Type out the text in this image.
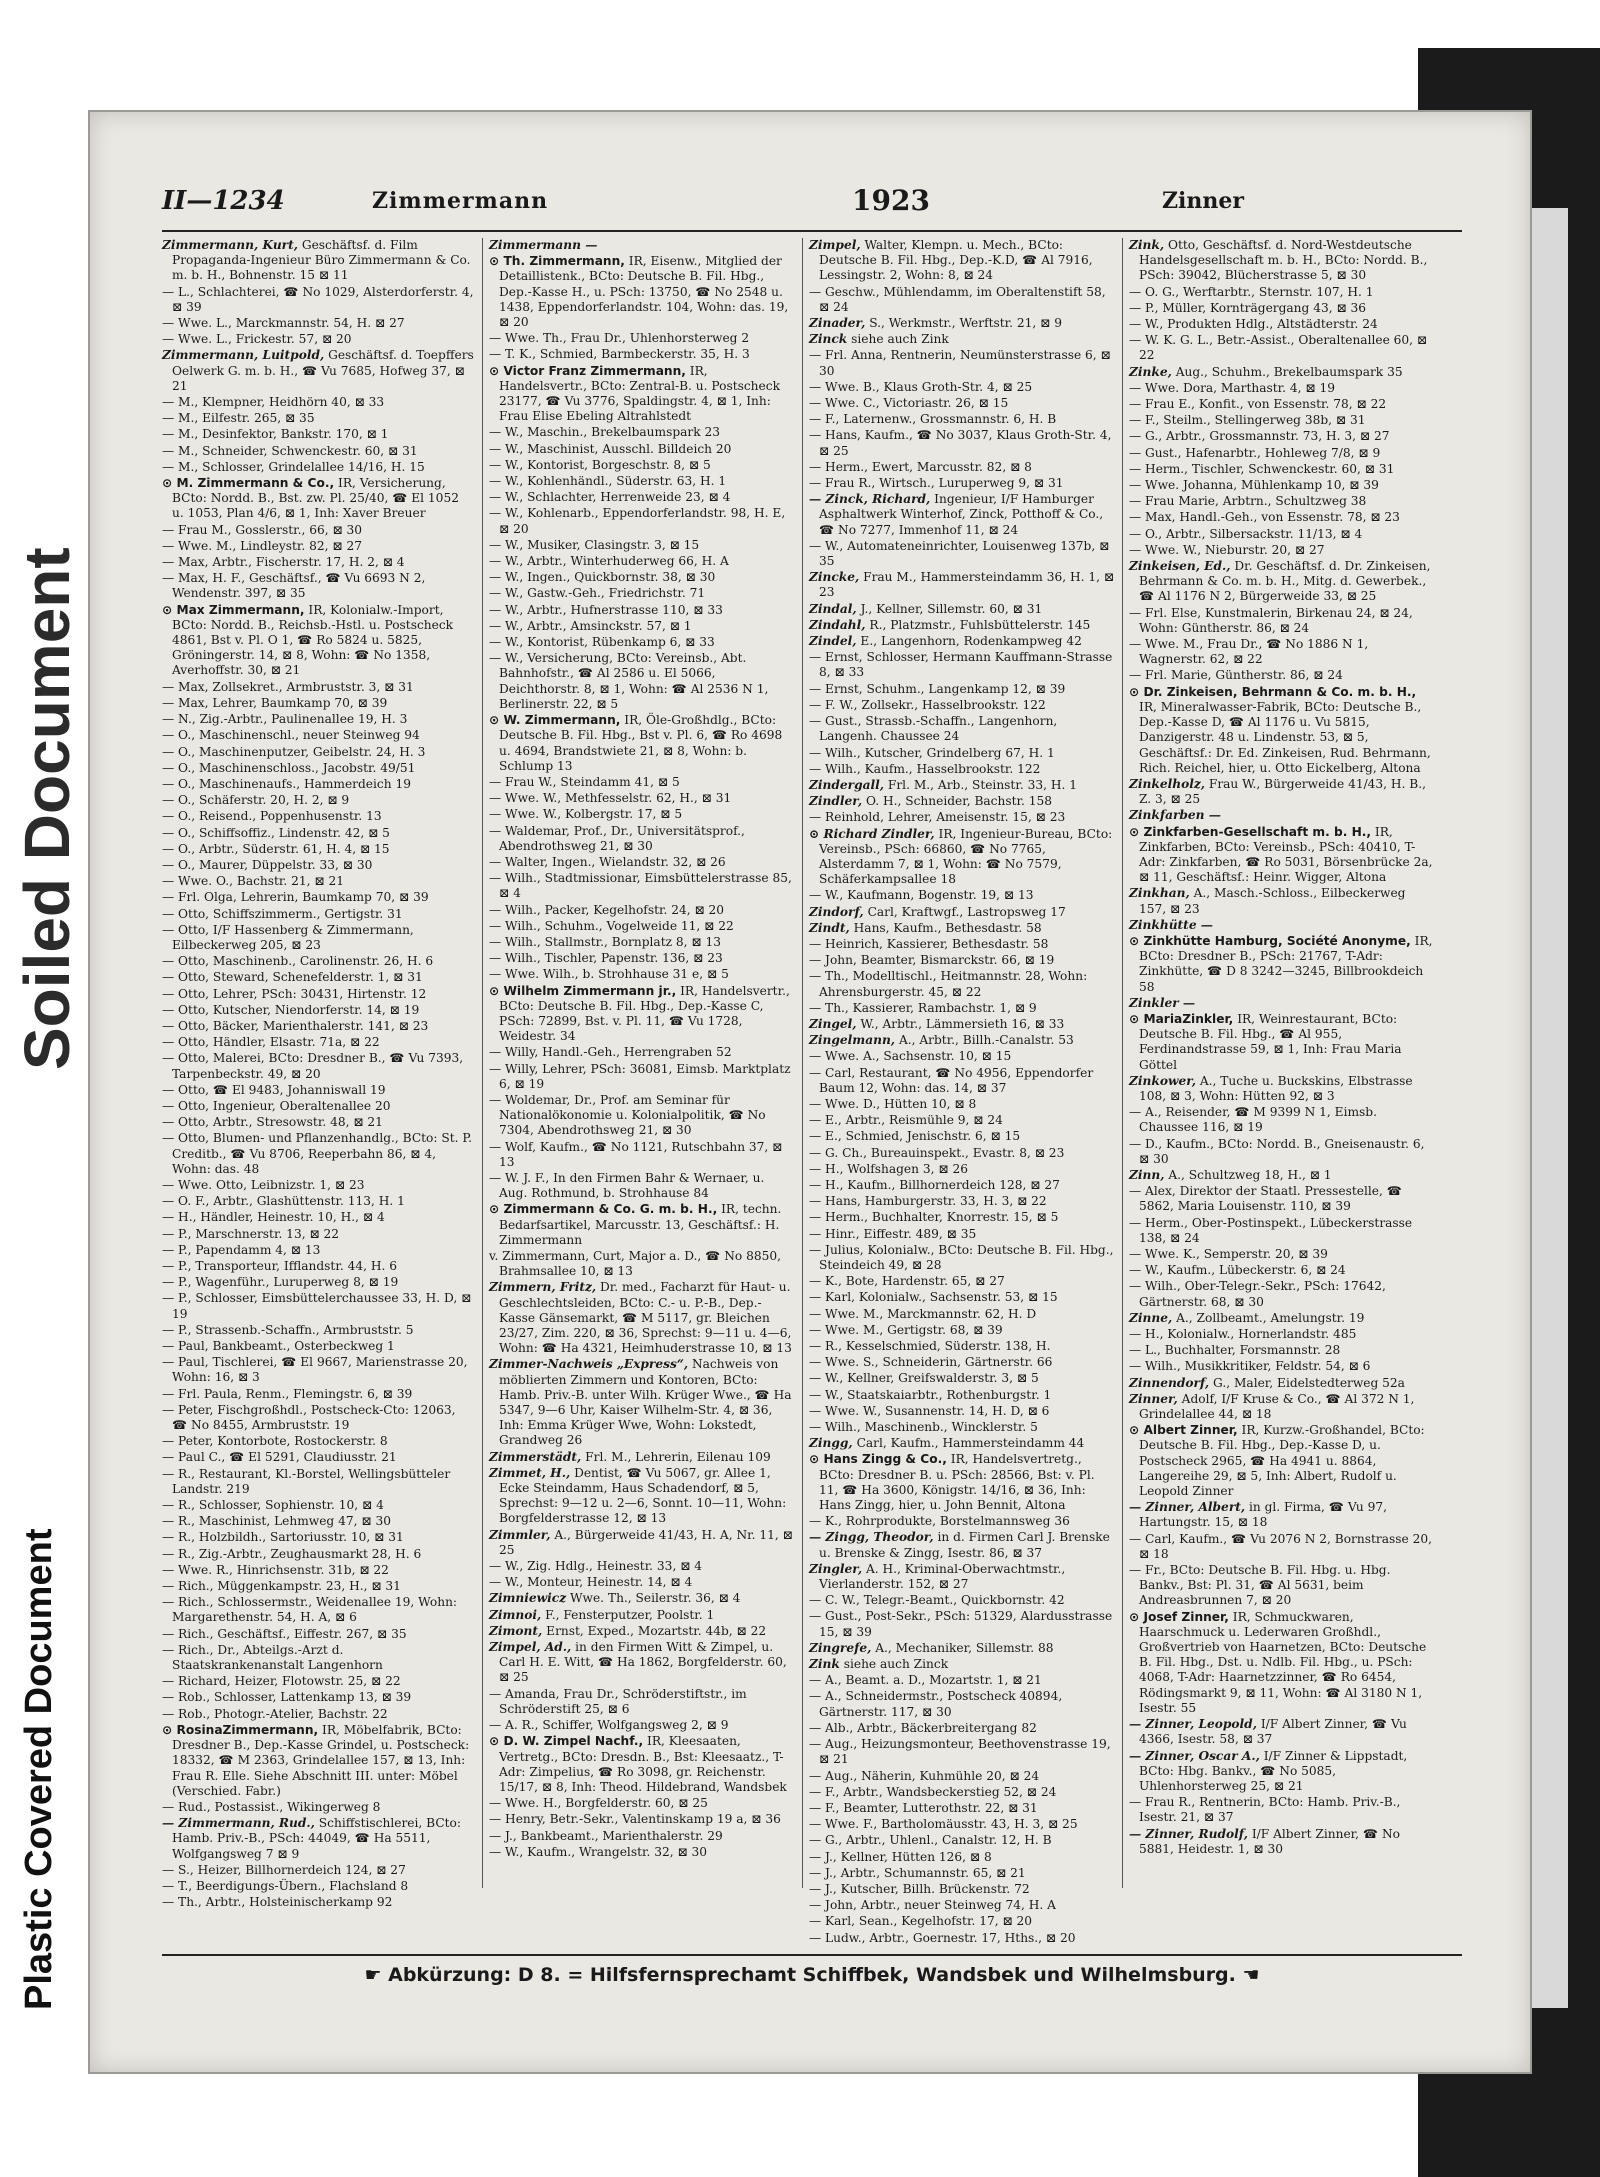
Plastic Covered Document
Soiled Document
II—1234	Zimmermann	1923	Zinner
Zimmermann, Kurt, Geschäftsf. d. Film Propaganda-Ingenieur Büro Zimmermann & Co. m. b. H., Bohnenstr. 15 ⊠ 11
— L., Schlachterei, ☎ No 1029, Alsterdorferstr. 4, ⊠ 39
— Wwe. L., Marckmannstr. 54, H. ⊠ 27
— Wwe. L., Frickestr. 57, ⊠ 20
Zimmermann, Luitpold, Geschäftsf. d. Toepffers Oelwerk G. m. b. H., ☎ Vu 7685, Hofweg 37, ⊠ 21
— M., Klempner, Heidhörn 40, ⊠ 33
— M., Eilfestr. 265, ⊠ 35
— M., Desinfektor, Bankstr. 170, ⊠ 1
— M., Schneider, Schwenckestr. 60, ⊠ 31
— M., Schlosser, Grindelallee 14/16, H. 15
⊙ M. Zimmermann & Co., IR, Versicherung, BCto: Nordd. B., Bst. zw. Pl. 25/40, ☎ El 1052 u. 1053, Plan 4/6, ⊠ 1, Inh: Xaver Breuer
— Frau M., Gosslerstr., 66, ⊠ 30
— Wwe. M., Lindleystr. 82, ⊠ 27
— Max, Arbtr., Fischerstr. 17, H. 2, ⊠ 4
— Max, H. F., Geschäftsf., ☎ Vu 6693 N 2, Wendenstr. 397, ⊠ 35
⊙ Max Zimmermann, IR, Kolonialw.-Import, BCto: Nordd. B., Reichsb.-Hstl. u. Postscheck 4861, Bst v. Pl. O 1, ☎ Ro 5824 u. 5825, Gröningerstr. 14, ⊠ 8, Wohn: ☎ No 1358, Averhoffstr. 30, ⊠ 21
— Max, Zollsekret., Armbruststr. 3, ⊠ 31
— Max, Lehrer, Baumkamp 70, ⊠ 39
— N., Zig.-Arbtr., Paulinenallee 19, H. 3
— O., Maschinenschl., neuer Steinweg 94
— O., Maschinenputzer, Geibelstr. 24, H. 3
— O., Maschinenschloss., Jacobstr. 49/51
— O., Maschinenaufs., Hammerdeich 19
— O., Schäferstr. 20, H. 2, ⊠ 9
— O., Reisend., Poppenhusenstr. 13
— O., Schiffsoffiz., Lindenstr. 42, ⊠ 5
— O., Arbtr., Süderstr. 61, H. 4, ⊠ 15
— O., Maurer, Düppelstr. 33, ⊠ 30
— Wwe. O., Bachstr. 21, ⊠ 21
— Frl. Olga, Lehrerin, Baumkamp 70, ⊠ 39
— Otto, Schiffszimmerm., Gertigstr. 31
— Otto, I/F Hassenberg & Zimmermann, Eilbeckerweg 205, ⊠ 23
— Otto, Maschinenb., Carolinenstr. 26, H. 6
— Otto, Steward, Schenefelderstr. 1, ⊠ 31
— Otto, Lehrer, PSch: 30431, Hirtenstr. 12
— Otto, Kutscher, Niendorferstr. 14, ⊠ 19
— Otto, Bäcker, Marienthalerstr. 141, ⊠ 23
— Otto, Händler, Elsastr. 71a, ⊠ 22
— Otto, Malerei, BCto: Dresdner B., ☎ Vu 7393, Tarpenbeckstr. 49, ⊠ 20
— Otto, ☎ El 9483, Johanniswall 19
— Otto, Ingenieur, Oberaltenallee 20
— Otto, Arbtr., Stresowstr. 48, ⊠ 21
— Otto, Blumen- und Pflanzenhandlg., BCto: St. P. Creditb., ☎ Vu 8706, Reeperbahn 86, ⊠ 4, Wohn: das. 48
— Wwe. Otto, Leibnizstr. 1, ⊠ 23
— O. F., Arbtr., Glashüttenstr. 113, H. 1
— H., Händler, Heinestr. 10, H., ⊠ 4
— P., Marschnerstr. 13, ⊠ 22
— P., Papendamm 4, ⊠ 13
— P., Transporteur, Ifflandstr. 44, H. 6
— P., Wagenführ., Luruperweg 8, ⊠ 19
— P., Schlosser, Eimsbüttelerchaussee 33, H. D, ⊠ 19
— P., Strassenb.-Schaffn., Armbruststr. 5
— Paul, Bankbeamt., Osterbeckweg 1
— Paul, Tischlerei, ☎ El 9667, Marienstrasse 20, Wohn: 16, ⊠ 3
— Frl. Paula, Renm., Flemingstr. 6, ⊠ 39
— Peter, Fischgroßhdl., Postscheck-Cto: 12063, ☎ No 8455, Armbruststr. 19
— Peter, Kontorbote, Rostockerstr. 8
— Paul C., ☎ El 5291, Claudiusstr. 21
— R., Restaurant, Kl.-Borstel, Wellingsbütteler Landstr. 219
— R., Schlosser, Sophienstr. 10, ⊠ 4
— R., Maschinist, Lehmweg 47, ⊠ 30
— R., Holzbildh., Sartoriusstr. 10, ⊠ 31
— R., Zig.-Arbtr., Zeughausmarkt 28, H. 6
— Wwe. R., Hinrichsenstr. 31b, ⊠ 22
— Rich., Müggenkampstr. 23, H., ⊠ 31
— Rich., Schlossermstr., Weidenallee 19, Wohn: Margarethenstr. 54, H. A, ⊠ 6
— Rich., Geschäftsf., Eiffestr. 267, ⊠ 35
— Rich., Dr., Abteilgs.-Arzt d. Staatskrankenanstalt Langenhorn
— Richard, Heizer, Flotowstr. 25, ⊠ 22
— Rob., Schlosser, Lattenkamp 13, ⊠ 39
— Rob., Photogr.-Atelier, Bachstr. 22
⊙ RosinaZimmermann, IR, Möbelfabrik, BCto: Dresdner B., Dep.-Kasse Grindel, u. Postscheck: 18332, ☎ M 2363, Grindelallee 157, ⊠ 13, Inh: Frau R. Elle. Siehe Abschnitt III. unter: Möbel (Verschied. Fabr.)
— Rud., Postassist., Wikingerweg 8
— Zimmermann, Rud., Schiffstischlerei, BCto: Hamb. Priv.-B., PSch: 44049, ☎ Ha 5511, Wolfgangsweg 7 ⊠ 9
— S., Heizer, Billhornerdeich 124, ⊠ 27
— T., Beerdigungs-Übern., Flachsland 8
— Th., Arbtr., Holsteinischerkamp 92
Zimmermann —
⊙ Th. Zimmermann, IR, Eisenw., Mitglied der Detaillistenk., BCto: Deutsche B. Fil. Hbg., Dep.-Kasse H., u. PSch: 13750, ☎ No 2548 u. 1438, Eppendorferlandstr. 104, Wohn: das. 19, ⊠ 20
— Wwe. Th., Frau Dr., Uhlenhorsterweg 2
— T. K., Schmied, Barmbeckerstr. 35, H. 3
⊙ Victor Franz Zimmermann, IR, Handelsvertr., BCto: Zentral-B. u. Postscheck 23177, ☎ Vu 3776, Spaldingstr. 4, ⊠ 1, Inh: Frau Elise Ebeling Altrahlstedt
— W., Maschin., Brekelbaumspark 23
— W., Maschinist, Ausschl. Billdeich 20
— W., Kontorist, Borgeschstr. 8, ⊠ 5
— W., Kohlenhändl., Süderstr. 63, H. 1
— W., Schlachter, Herrenweide 23, ⊠ 4
— W., Kohlenarb., Eppendorferlandstr. 98, H. E, ⊠ 20
— W., Musiker, Clasingstr. 3, ⊠ 15
— W., Arbtr., Winterhuderweg 66, H. A
— W., Ingen., Quickbornstr. 38, ⊠ 30
— W., Gastw.-Geh., Friedrichstr. 71
— W., Arbtr., Hufnerstrasse 110, ⊠ 33
— W., Arbtr., Amsinckstr. 57, ⊠ 1
— W., Kontorist, Rübenkamp 6, ⊠ 33
— W., Versicherung, BCto: Vereinsb., Abt. Bahnhofstr., ☎ Al 2586 u. El 5066, Deichthorstr. 8, ⊠ 1, Wohn: ☎ Al 2536 N 1, Berlinerstr. 22, ⊠ 5
⊙ W. Zimmermann, IR, Öle-Großhdlg., BCto: Deutsche B. Fil. Hbg., Bst v. Pl. 6, ☎ Ro 4698 u. 4694, Brandstwiete 21, ⊠ 8, Wohn: b. Schlump 13
— Frau W., Steindamm 41, ⊠ 5
— Wwe. W., Methfesselstr. 62, H., ⊠ 31
— Wwe. W., Kolbergstr. 17, ⊠ 5
— Waldemar, Prof., Dr., Universitätsprof., Abendrothsweg 21, ⊠ 30
— Walter, Ingen., Wielandstr. 32, ⊠ 26
— Wilh., Stadtmissionar, Eimsbüttelerstrasse 85, ⊠ 4
— Wilh., Packer, Kegelhofstr. 24, ⊠ 20
— Wilh., Schuhm., Vogelweide 11, ⊠ 22
— Wilh., Stallmstr., Bornplatz 8, ⊠ 13
— Wilh., Tischler, Papenstr. 136, ⊠ 23
— Wwe. Wilh., b. Strohhause 31 e, ⊠ 5
⊙ Wilhelm Zimmermann jr., IR, Handelsvertr., BCto: Deutsche B. Fil. Hbg., Dep.-Kasse C, PSch: 72899, Bst. v. Pl. 11, ☎ Vu 1728, Weidestr. 34
— Willy, Handl.-Geh., Herrengraben 52
— Willy, Lehrer, PSch: 36081, Eimsb. Marktplatz 6, ⊠ 19
— Woldemar, Dr., Prof. am Seminar für Nationalökonomie u. Kolonialpolitik, ☎ No 7304, Abendrothsweg 21, ⊠ 30
— Wolf, Kaufm., ☎ No 1121, Rutschbahn 37, ⊠ 13
— W. J. F., In den Firmen Bahr & Wernaer, u. Aug. Rothmund, b. Strohhause 84
⊙ Zimmermann & Co. G. m. b. H., IR, techn. Bedarfsartikel, Marcusstr. 13, Geschäftsf.: H. Zimmermann
v. Zimmermann, Curt, Major a. D., ☎ No 8850, Brahmsallee 10, ⊠ 13
Zimmern, Fritz, Dr. med., Facharzt für Haut- u. Geschlechtsleiden, BCto: C.- u. P.-B., Dep.-Kasse Gänsemarkt, ☎ M 5117, gr. Bleichen 23/27, Zim. 220, ⊠ 36, Sprechst: 9—11 u. 4—6, Wohn: ☎ Ha 4321, Heimhuderstrasse 10, ⊠ 13
Zimmer-Nachweis „Express“, Nachweis von möblierten Zimmern und Kontoren, BCto: Hamb. Priv.-B. unter Wilh. Krüger Wwe., ☎ Ha 5347, 9—6 Uhr, Kaiser Wilhelm-Str. 4, ⊠ 36, Inh: Emma Krüger Wwe, Wohn: Lokstedt, Grandweg 26
Zimmerstädt, Frl. M., Lehrerin, Eilenau 109
Zimmet, H., Dentist, ☎ Vu 5067, gr. Allee 1, Ecke Steindamm, Haus Schadendorf, ⊠ 5, Sprechst: 9—12 u. 2—6, Sonnt. 10—11, Wohn: Borgfelderstrasse 12, ⊠ 13
Zimmler, A., Bürgerweide 41/43, H. A, Nr. 11, ⊠ 25
— W., Zig. Hdlg., Heinestr. 33, ⊠ 4
— W., Monteur, Heinestr. 14, ⊠ 4
Zimniewicz Wwe. Th., Seilerstr. 36, ⊠ 4
Zimnoi, F., Fensterputzer, Poolstr. 1
Zimont, Ernst, Exped., Mozartstr. 44b, ⊠ 22
Zimpel, Ad., in den Firmen Witt & Zimpel, u. Carl H. E. Witt, ☎ Ha 1862, Borgfelderstr. 60, ⊠ 25
— Amanda, Frau Dr., Schröderstiftstr., im Schröderstift 25, ⊠ 6
— A. R., Schiffer, Wolfgangsweg 2, ⊠ 9
⊙ D. W. Zimpel Nachf., IR, Kleesaaten, Vertretg., BCto: Dresdn. B., Bst: Kleesaatz., T-Adr: Zimpelius, ☎ Ro 3098, gr. Reichenstr. 15/17, ⊠ 8, Inh: Theod. Hildebrand, Wandsbek
— Wwe. H., Borgfelderstr. 60, ⊠ 25
— Henry, Betr.-Sekr., Valentinskamp 19 a, ⊠ 36
— J., Bankbeamt., Marienthalerstr. 29
— W., Kaufm., Wrangelstr. 32, ⊠ 30
Zimpel, Walter, Klempn. u. Mech., BCto: Deutsche B. Fil. Hbg., Dep.-K.D, ☎ Al 7916, Lessingstr. 2, Wohn: 8, ⊠ 24
— Geschw., Mühlendamm, im Oberaltenstift 58, ⊠ 24
Zinader, S., Werkmstr., Werftstr. 21, ⊠ 9
Zinck siehe auch Zink
— Frl. Anna, Rentnerin, Neumünsterstrasse 6, ⊠ 30
— Wwe. B., Klaus Groth-Str. 4, ⊠ 25
— Wwe. C., Victoriastr. 26, ⊠ 15
— F., Laternenw., Grossmannstr. 6, H. B
— Hans, Kaufm., ☎ No 3037, Klaus Groth-Str. 4, ⊠ 25
— Herm., Ewert, Marcusstr. 82, ⊠ 8
— Frau R., Wirtsch., Luruperweg 9, ⊠ 31
— Zinck, Richard, Ingenieur, I/F Hamburger Asphaltwerk Winterhof, Zinck, Potthoff & Co., ☎ No 7277, Immenhof 11, ⊠ 24
— W., Automateneinrichter, Louisenweg 137b, ⊠ 35
Zincke, Frau M., Hammersteindamm 36, H. 1, ⊠ 23
Zindal, J., Kellner, Sillemstr. 60, ⊠ 31
Zindahl, R., Platzmstr., Fuhlsbüttelerstr. 145
Zindel, E., Langenhorn, Rodenkampweg 42
— Ernst, Schlosser, Hermann Kauffmann-Strasse 8, ⊠ 33
— Ernst, Schuhm., Langenkamp 12, ⊠ 39
— F. W., Zollsekr., Hasselbrookstr. 122
— Gust., Strassb.-Schaffn., Langenhorn, Langenh. Chaussee 24
— Wilh., Kutscher, Grindelberg 67, H. 1
— Wilh., Kaufm., Hasselbrookstr. 122
Zindergall, Frl. M., Arb., Steinstr. 33, H. 1
Zindler, O. H., Schneider, Bachstr. 158
— Reinhold, Lehrer, Ameisenstr. 15, ⊠ 23
⊙ Richard Zindler, IR, Ingenieur-Bureau, BCto: Vereinsb., PSch: 66860, ☎ No 7765, Alsterdamm 7, ⊠ 1, Wohn: ☎ No 7579, Schäferkampsallee 18
— W., Kaufmann, Bogenstr. 19, ⊠ 13
Zindorf, Carl, Kraftwgf., Lastropsweg 17
Zindt, Hans, Kaufm., Bethesdastr. 58
— Heinrich, Kassierer, Bethesdastr. 58
— John, Beamter, Bismarckstr. 66, ⊠ 19
— Th., Modelltischl., Heitmannstr. 28, Wohn: Ahrensburgerstr. 45, ⊠ 22
— Th., Kassierer, Rambachstr. 1, ⊠ 9
Zingel, W., Arbtr., Lämmersieth 16, ⊠ 33
Zingelmann, A., Arbtr., Billh.-Canalstr. 53
— Wwe. A., Sachsenstr. 10, ⊠ 15
— Carl, Restaurant, ☎ No 4956, Eppendorfer Baum 12, Wohn: das. 14, ⊠ 37
— Wwe. D., Hütten 10, ⊠ 8
— E., Arbtr., Reismühle 9, ⊠ 24
— E., Schmied, Jenischstr. 6, ⊠ 15
— G. Ch., Bureauinspekt., Evastr. 8, ⊠ 23
— H., Wolfshagen 3, ⊠ 26
— H., Kaufm., Billhornerdeich 128, ⊠ 27
— Hans, Hamburgerstr. 33, H. 3, ⊠ 22
— Herm., Buchhalter, Knorrestr. 15, ⊠ 5
— Hinr., Eiffestr. 489, ⊠ 35
— Julius, Kolonialw., BCto: Deutsche B. Fil. Hbg., Steindeich 49, ⊠ 28
— K., Bote, Hardenstr. 65, ⊠ 27
— Karl, Kolonialw., Sachsenstr. 53, ⊠ 15
— Wwe. M., Marckmannstr. 62, H. D
— Wwe. M., Gertigstr. 68, ⊠ 39
— R., Kesselschmied, Süderstr. 138, H.
— Wwe. S., Schneiderin, Gärtnerstr. 66
— W., Kellner, Greifswalderstr. 3, ⊠ 5
— W., Staatskaiarbtr., Rothenburgstr. 1
— Wwe. W., Susannenstr. 14, H. D, ⊠ 6
— Wilh., Maschinenb., Wincklerstr. 5
Zingg, Carl, Kaufm., Hammersteindamm 44
⊙ Hans Zingg & Co., IR, Handelsvertretg., BCto: Dresdner B. u. PSch: 28566, Bst: v. Pl. 11, ☎ Ha 3600, Königstr. 14/16, ⊠ 36, Inh: Hans Zingg, hier, u. John Bennit, Altona
— K., Rohrprodukte, Borstelmannsweg 36
— Zingg, Theodor, in d. Firmen Carl J. Brenske u. Brenske & Zingg, Isestr. 86, ⊠ 37
Zingler, A. H., Kriminal-Oberwachtmstr., Vierlanderstr. 152, ⊠ 27
— C. W., Telegr.-Beamt., Quickbornstr. 42
— Gust., Post-Sekr., PSch: 51329, Alardusstrasse 15, ⊠ 39
Zingrefe, A., Mechaniker, Sillemstr. 88
Zink siehe auch Zinck
— A., Beamt. a. D., Mozartstr. 1, ⊠ 21
— A., Schneidermstr., Postscheck 40894, Gärtnerstr. 117, ⊠ 30
— Alb., Arbtr., Bäckerbreitergang 82
— Aug., Heizungsmonteur, Beethovenstrasse 19, ⊠ 21
— Aug., Näherin, Kuhmühle 20, ⊠ 24
— F., Arbtr., Wandsbeckerstieg 52, ⊠ 24
— F., Beamter, Lutterothstr. 22, ⊠ 31
— Wwe. F., Bartholomäusstr. 43, H. 3, ⊠ 25
— G., Arbtr., Uhlenl., Canalstr. 12, H. B
— J., Kellner, Hütten 126, ⊠ 8
— J., Arbtr., Schumannstr. 65, ⊠ 21
— J., Kutscher, Billh. Brückenstr. 72
— John, Arbtr., neuer Steinweg 74, H. A
— Karl, Sean., Kegelhofstr. 17, ⊠ 20
— Ludw., Arbtr., Goernestr. 17, Hths., ⊠ 20
Zink, Otto, Geschäftsf. d. Nord-Westdeutsche Handelsgesellschaft m. b. H., BCto: Nordd. B., PSch: 39042, Blücherstrasse 5, ⊠ 30
— O. G., Werftarbtr., Sternstr. 107, H. 1
— P., Müller, Kornträgergang 43, ⊠ 36
— W., Produkten Hdlg., Altstädterstr. 24
— W. K. G. L., Betr.-Assist., Oberaltenallee 60, ⊠ 22
Zinke, Aug., Schuhm., Brekelbaumspark 35
— Wwe. Dora, Marthastr. 4, ⊠ 19
— Frau E., Konfit., von Essenstr. 78, ⊠ 22
— F., Steilm., Stellingerweg 38b, ⊠ 31
— G., Arbtr., Grossmannstr. 73, H. 3, ⊠ 27
— Gust., Hafenarbtr., Hohleweg 7/8, ⊠ 9
— Herm., Tischler, Schwenckestr. 60, ⊠ 31
— Wwe. Johanna, Mühlenkamp 10, ⊠ 39
— Frau Marie, Arbtrn., Schultzweg 38
— Max, Handl.-Geh., von Essenstr. 78, ⊠ 23
— O., Arbtr., Silbersackstr. 11/13, ⊠ 4
— Wwe. W., Nieburstr. 20, ⊠ 27
Zinkeisen, Ed., Dr. Geschäftsf. d. Dr. Zinkeisen, Behrmann & Co. m. b. H., Mitg. d. Gewerbek., ☎ Al 1176 N 2, Bürgerweide 33, ⊠ 25
— Frl. Else, Kunstmalerin, Birkenau 24, ⊠ 24, Wohn: Güntherstr. 86, ⊠ 24
— Wwe. M., Frau Dr., ☎ No 1886 N 1, Wagnerstr. 62, ⊠ 22
— Frl. Marie, Güntherstr. 86, ⊠ 24
⊙ Dr. Zinkeisen, Behrmann & Co. m. b. H., IR, Mineralwasser-Fabrik, BCto: Deutsche B., Dep.-Kasse D, ☎ Al 1176 u. Vu 5815, Danzigerstr. 48 u. Lindenstr. 53, ⊠ 5, Geschäftsf.: Dr. Ed. Zinkeisen, Rud. Behrmann, Rich. Reichel, hier, u. Otto Eickelberg, Altona
Zinkelholz, Frau W., Bürgerweide 41/43, H. B., Z. 3, ⊠ 25
Zinkfarben —
⊙ Zinkfarben-Gesellschaft m. b. H., IR, Zinkfarben, BCto: Vereinsb., PSch: 40410, T-Adr: Zinkfarben, ☎ Ro 5031, Börsenbrücke 2a, ⊠ 11, Geschäftsf.: Heinr. Wigger, Altona
Zinkhan, A., Masch.-Schloss., Eilbeckerweg 157, ⊠ 23
Zinkhütte —
⊙ Zinkhütte Hamburg, Société Anonyme, IR, BCto: Dresdner B., PSch: 21767, T-Adr: Zinkhütte, ☎ D 8 3242—3245, Billbrookdeich 58
Zinkler —
⊙ MariaZinkler, IR, Weinrestaurant, BCto: Deutsche B. Fil. Hbg., ☎ Al 955, Ferdinandstrasse 59, ⊠ 1, Inh: Frau Maria Göttel
Zinkower, A., Tuche u. Buckskins, Elbstrasse 108, ⊠ 3, Wohn: Hütten 92, ⊠ 3
— A., Reisender, ☎ M 9399 N 1, Eimsb. Chaussee 116, ⊠ 19
— D., Kaufm., BCto: Nordd. B., Gneisenaustr. 6, ⊠ 30
Zinn, A., Schultzweg 18, H., ⊠ 1
— Alex, Direktor der Staatl. Pressestelle, ☎ 5862, Maria Louisenstr. 110, ⊠ 39
— Herm., Ober-Postinspekt., Lübeckerstrasse 138, ⊠ 24
— Wwe. K., Semperstr. 20, ⊠ 39
— W., Kaufm., Lübeckerstr. 6, ⊠ 24
— Wilh., Ober-Telegr.-Sekr., PSch: 17642, Gärtnerstr. 68, ⊠ 30
Zinne, A., Zollbeamt., Amelungstr. 19
— H., Kolonialw., Hornerlandstr. 485
— L., Buchhalter, Forsmannstr. 28
— Wilh., Musikkritiker, Feldstr. 54, ⊠ 6
Zinnendorf, G., Maler, Eidelstedterweg 52a
Zinner, Adolf, I/F Kruse & Co., ☎ Al 372 N 1, Grindelallee 44, ⊠ 18
⊙ Albert Zinner, IR, Kurzw.-Großhandel, BCto: Deutsche B. Fil. Hbg., Dep.-Kasse D, u. Postscheck 2965, ☎ Ha 4941 u. 8864, Langereihe 29, ⊠ 5, Inh: Albert, Rudolf u. Leopold Zinner
— Zinner, Albert, in gl. Firma, ☎ Vu 97, Hartungstr. 15, ⊠ 18
— Carl, Kaufm., ☎ Vu 2076 N 2, Bornstrasse 20, ⊠ 18
— Fr., BCto: Deutsche B. Fil. Hbg. u. Hbg. Bankv., Bst: Pl. 31, ☎ Al 5631, beim Andreasbrunnen 7, ⊠ 20
⊙ Josef Zinner, IR, Schmuckwaren, Haarschmuck u. Lederwaren Großhdl., Großvertrieb von Haarnetzen, BCto: Deutsche B. Fil. Hbg., Dst. u. Ndlb. Fil. Hbg., u. PSch: 4068, T-Adr: Haarnetzzinner, ☎ Ro 6454, Rödingsmarkt 9, ⊠ 11, Wohn: ☎ Al 3180 N 1, Isestr. 55
— Zinner, Leopold, I/F Albert Zinner, ☎ Vu 4366, Isestr. 58, ⊠ 37
— Zinner, Oscar A., I/F Zinner & Lippstadt, BCto: Hbg. Bankv., ☎ No 5085, Uhlenhorsterweg 25, ⊠ 21
— Frau R., Rentnerin, BCto: Hamb. Priv.-B., Isestr. 21, ⊠ 37
— Zinner, Rudolf, I/F Albert Zinner, ☎ No 5881, Heidestr. 1, ⊠ 30
☛ Abkürzung: D 8. = Hilfsfernsprechamt Schiffbek, Wandsbek und Wilhelmsburg. ☚
